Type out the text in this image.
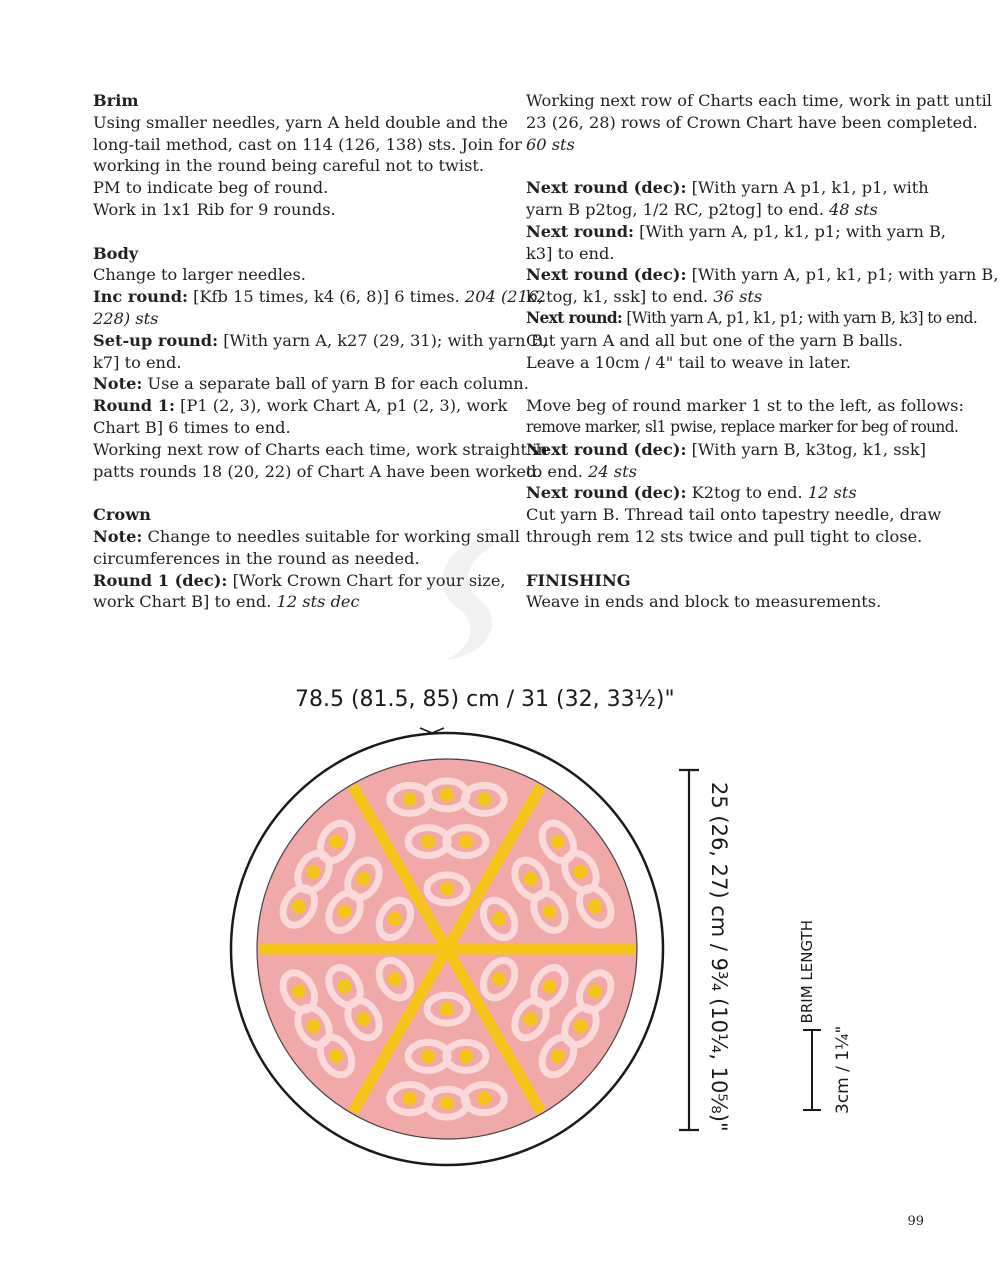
Brim
Using smaller needles, yarn A held double and the
long-tail method, cast on 114 (126, 138) sts. Join for
working in the round being careful not to twist.
PM to indicate beg of round.
Work in 1x1 Rib for 9 rounds.
Body
Change to larger needles.
Inc round: [Kfb 15 times, k4 (6, 8)] 6 times. 204 (216,
228) sts
Set-up round: [With yarn A, k27 (29, 31); with yarn B,
k7] to end.
Note: Use a separate ball of yarn B for each column.
Round 1: [P1 (2, 3), work Chart A, p1 (2, 3), work
Chart B] 6 times to end.
Working next row of Charts each time, work straight in
patts rounds 18 (20, 22) of Chart A have been worked.
Crown
Note: Change to needles suitable for working small
circumferences in the round as needed.
Round 1 (dec): [Work Crown Chart for your size,
work Chart B] to end. 12 sts dec
Working next row of Charts each time, work in patt until
23 (26, 28) rows of Crown Chart have been completed.
60 sts
Next round (dec): [With yarn A p1, k1, p1, with
yarn B p2tog, 1/2 RC, p2tog] to end. 48 sts
Next round: [With yarn A, p1, k1, p1; with yarn B,
k3] to end.
Next round (dec): [With yarn A, p1, k1, p1; with yarn B,
k2tog, k1, ssk] to end. 36 sts
Next round: [With yarn A, p1, k1, p1; with yarn B, k3] to end.
Cut yarn A and all but one of the yarn B balls.
Leave a 10cm / 4" tail to weave in later.
Move beg of round marker 1 st to the left, as follows:
remove marker, sl1 pwise, replace marker for beg of round.
Next round (dec): [With yarn B, k3tog, k1, ssk]
to end. 24 sts
Next round (dec): K2tog to end. 12 sts
Cut yarn B. Thread tail onto tapestry needle, draw
through rem 12 sts twice and pull tight to close.
FINISHING
Weave in ends and block to measurements.
78.5 (81.5, 85) cm / 31 (32, 33½)"
25 (26, 27) cm / 9¾ (10¼, 10⅝)"	BRIM LENGTH
3cm / 1¼"
99
